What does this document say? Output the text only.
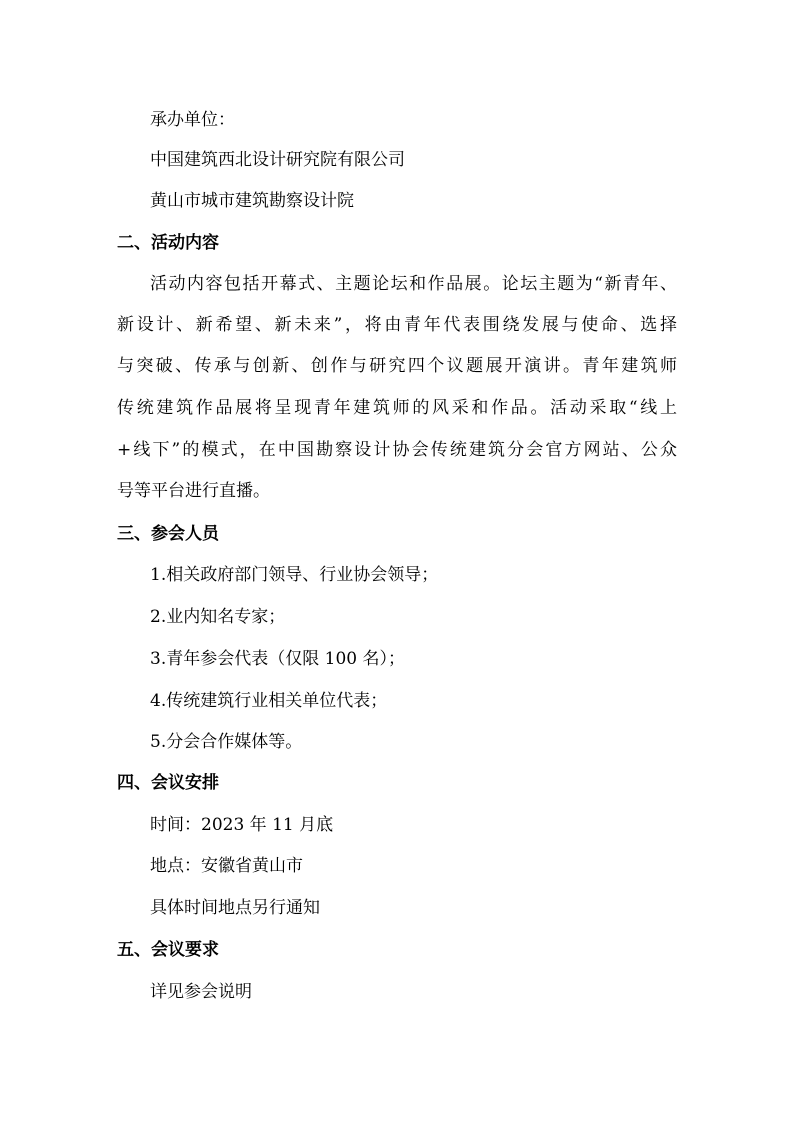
承办单位：

中国建筑西北设计研究院有限公司

黄山市城市建筑勘察设计院

二、活动内容

活动内容包括开幕式、主题论坛和作品展。论坛主题为“新青年、

新设计、新希望、新未来”，将由青年代表围绕发展与使命、选择

与突破、传承与创新、创作与研究四个议题展开演讲。青年建筑师

传统建筑作品展将呈现青年建筑师的风采和作品。活动采取“线上

+线下”的模式，在中国勘察设计协会传统建筑分会官方网站、公众

号等平台进行直播。

三、参会人员

1.相关政府部门领导、行业协会领导；

2.业内知名专家；

3.青年参会代表（仅限 100 名）；

4.传统建筑行业相关单位代表；

5.分会合作媒体等。

四、会议安排

时间：2023 年 11 月底

地点：安徽省黄山市

具体时间地点另行通知

五、会议要求

详见参会说明
